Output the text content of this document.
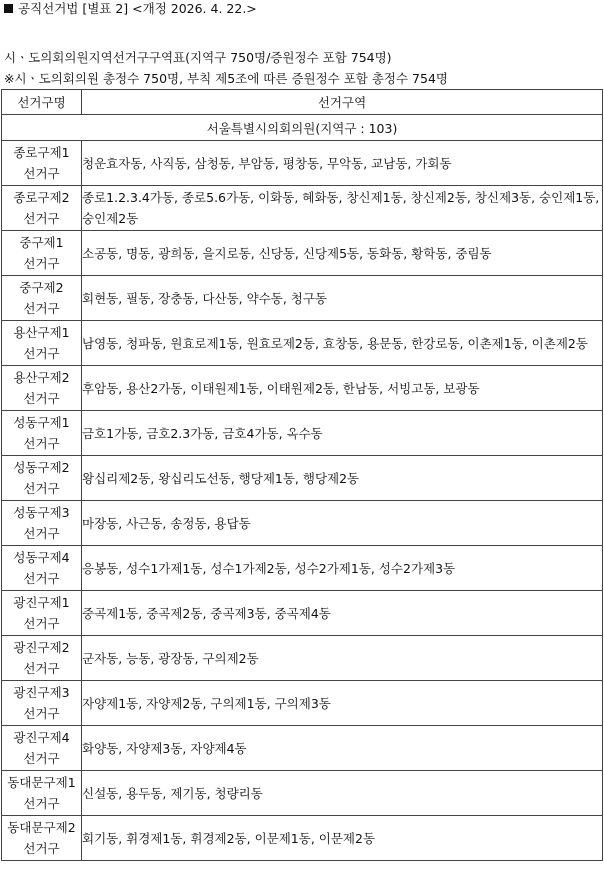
공직선거법 [별표 2] <개정 2026. 4. 22.>
시ㆍ도의회의원지역선거구구역표(지역구 750명/증원정수 포함 754명)
※시ㆍ도의회의원 총정수 750명, 부칙 제5조에 따른 증원정수 포함 총정수 754명
선거구명	선거구역
서울특별시의회의원(지역구 : 103)	
종로구제1
선거구	청운효자동, 사직동, 삼청동, 부암동, 평창동, 무악동, 교남동, 가회동
종로구제2
선거구	종로1.2.3.4가동, 종로5.6가동, 이화동, 혜화동, 창신제1동, 창신제2동, 창신제3동, 숭인제1동, 숭인제2동
중구제1
선거구	소공동, 명동, 광희동, 을지로동, 신당동, 신당제5동, 동화동, 황학동, 중림동
중구제2
선거구	회현동, 필동, 장충동, 다산동, 약수동, 청구동
용산구제1
선거구	남영동, 청파동, 원효로제1동, 원효로제2동, 효창동, 용문동, 한강로동, 이촌제1동, 이촌제2동
용산구제2
선거구	후암동, 용산2가동, 이태원제1동, 이태원제2동, 한남동, 서빙고동, 보광동
성동구제1
선거구	금호1가동, 금호2.3가동, 금호4가동, 옥수동
성동구제2
선거구	왕십리제2동, 왕십리도선동, 행당제1동, 행당제2동
성동구제3
선거구	마장동, 사근동, 송정동, 용답동
성동구제4
선거구	응봉동, 성수1가제1동, 성수1가제2동, 성수2가제1동, 성수2가제3동
광진구제1
선거구	중곡제1동, 중곡제2동, 중곡제3동, 중곡제4동
광진구제2
선거구	군자동, 능동, 광장동, 구의제2동
광진구제3
선거구	자양제1동, 자양제2동, 구의제1동, 구의제3동
광진구제4
선거구	화양동, 자양제3동, 자양제4동
동대문구제1
선거구	신설동, 용두동, 제기동, 청량리동
동대문구제2
선거구	회기동, 휘경제1동, 휘경제2동, 이문제1동, 이문제2동
